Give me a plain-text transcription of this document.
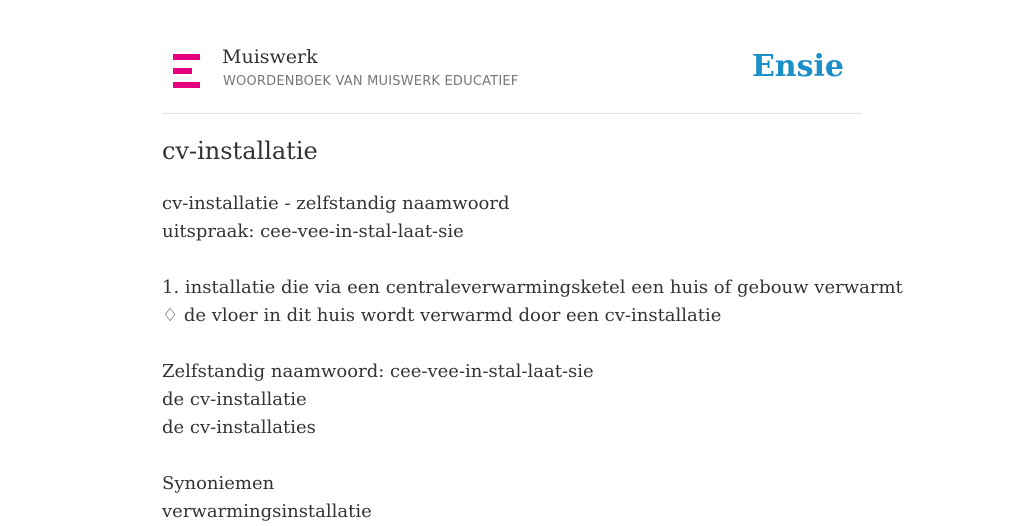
Muiswerk
WOORDENBOEK VAN MUISWERK EDUCATIEF	Ensie
cv-installatie
cv-installatie - zelfstandig naamwoord
uitspraak: cee-vee-in-stal-laat-sie
1. installatie die via een centraleverwarmingsketel een huis of gebouw verwarmt
♢ de vloer in dit huis wordt verwarmd door een cv-installatie
Zelfstandig naamwoord: cee-vee-in-stal-laat-sie
de cv-installatie
de cv-installaties
Synoniemen
verwarmingsinstallatie
